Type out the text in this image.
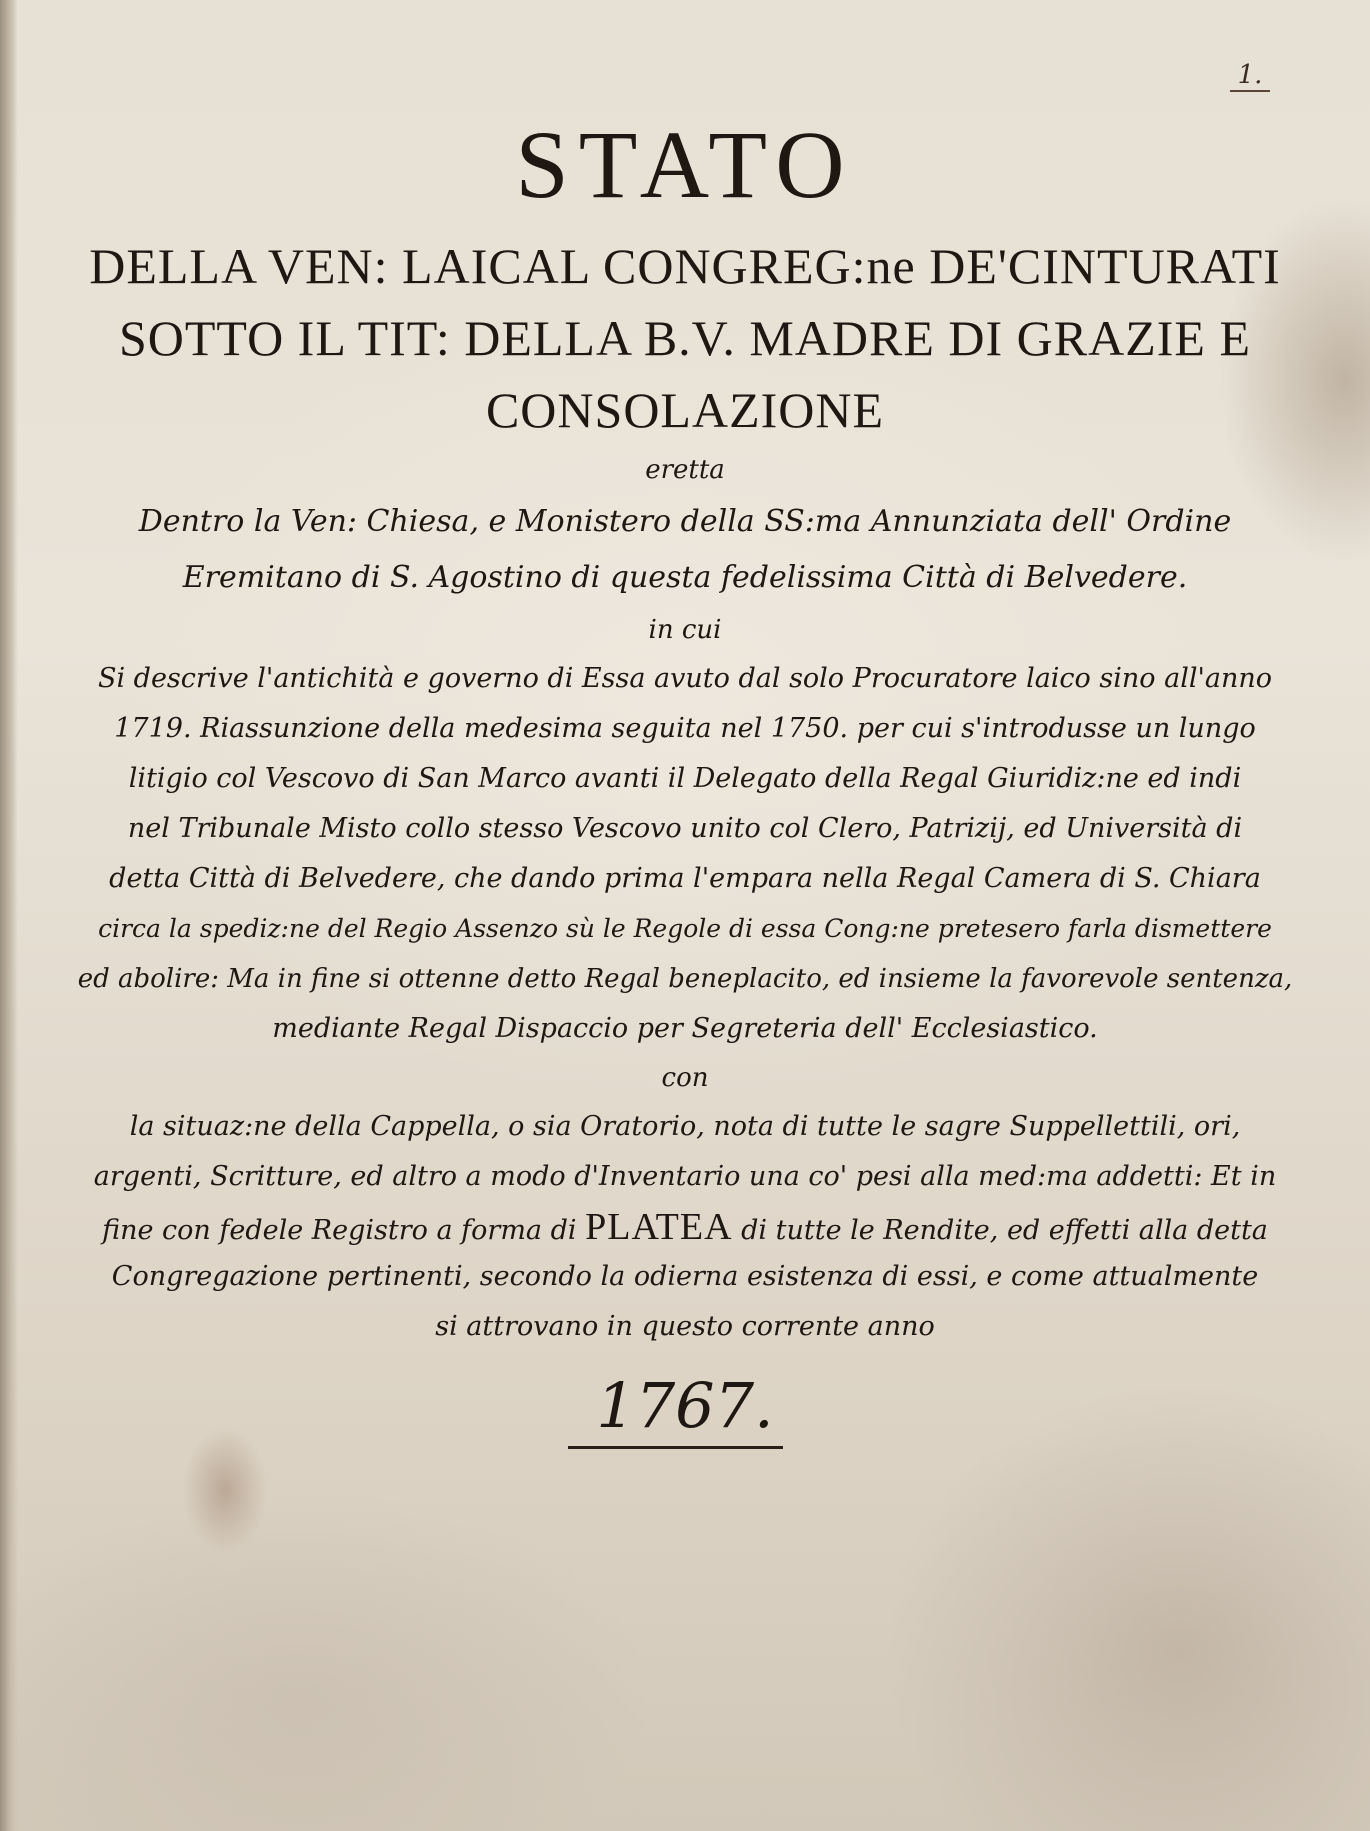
1.
STATO
DELLA VEN: LAICAL CONGREG:ne DE'CINTURATI
SOTTO IL TIT: DELLA B.V. MADRE DI GRAZIE E
CONSOLAZIONE
eretta
Dentro la Ven: Chiesa, e Monistero della SS:ma Annunziata dell' Ordine
Eremitano di S. Agostino di questa fedelissima Città di Belvedere.
in cui
Si descrive l'antichità e governo di Essa avuto dal solo Procuratore laico sino all'anno
1719. Riassunzione della medesima seguita nel 1750. per cui s'introdusse un lungo
litigio col Vescovo di San Marco avanti il Delegato della Regal Giuridiz:ne ed indi
nel Tribunale Misto collo stesso Vescovo unito col Clero, Patrizij, ed Università di
detta Città di Belvedere, che dando prima l'empara nella Regal Camera di S. Chiara
circa la spediz:ne del Regio Assenzo sù le Regole di essa Cong:ne pretesero farla dismettere
ed abolire: Ma in fine si ottenne detto Regal beneplacito, ed insieme la favorevole sentenza,
mediante Regal Dispaccio per Segreteria dell' Ecclesiastico.
con
la situaz:ne della Cappella, o sia Oratorio, nota di tutte le sagre Suppellettili, ori,
argenti, Scritture, ed altro a modo d'Inventario una co' pesi alla med:ma addetti: Et in
fine con fedele Registro a forma di PLATEA di tutte le Rendite, ed effetti alla detta
Congregazione pertinenti, secondo la odierna esistenza di essi, e come attualmente
si attrovano in questo corrente anno
1767.
